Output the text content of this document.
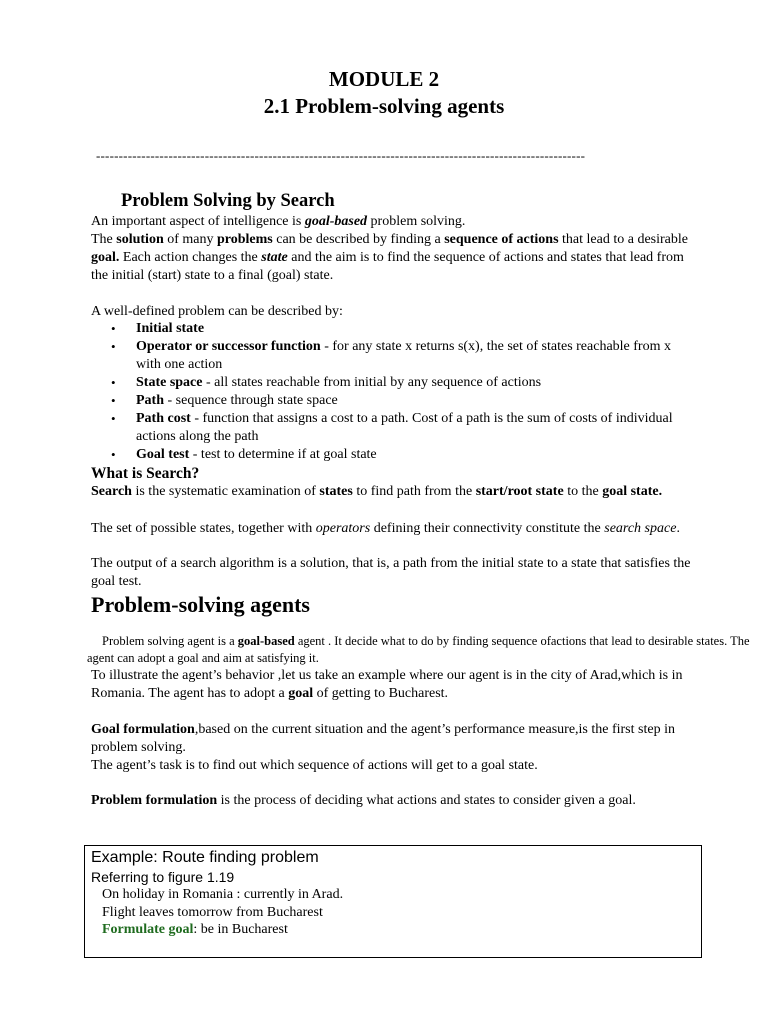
MODULE 2
2.1 Problem-solving agents
------------------------------------------------------------------------------------------------------------
Problem Solving by Search

An important aspect of intelligence is goal-based problem solving.

The solution of many problems can be described by finding a sequence of actions that lead to a desirable goal. Each action changes the state and the aim is to find the sequence of actions and states that lead from the initial (start) state to a final (goal) state.

A well-defined problem can be described by:

• Initial state
• Operator or successor function - for any state x returns s(x), the set of states reachable from x with one action
• State space - all states reachable from initial by any sequence of actions
• Path - sequence through state space
• Path cost - function that assigns a cost to a path. Cost of a path is the sum of costs of individual actions along the path
• Goal test - test to determine if at goal state
What is Search?

Search is the systematic examination of states to find path from the start/root state to the goal state.

The set of possible states, together with operators defining their connectivity constitute the search space.

The output of a search algorithm is a solution, that is, a path from the initial state to a state that satisfies the goal test.

Problem-solving agents

Problem solving agent is a goal-based agent . It decide what to do by finding sequence ofactions that lead to desirable states. The agent can adopt a goal and aim at satisfying it.

To illustrate the agent’s behavior ,let us take an example where our agent is in the city of Arad,which is in Romania. The agent has to adopt a goal of getting to Bucharest.

Goal formulation,based on the current situation and the agent’s performance measure,is the first step in problem solving.

The agent’s task is to find out which sequence of actions will get to a goal state.

Problem formulation is the process of deciding what actions and states to consider given a goal.

Example: Route finding problem
Referring to figure 1.19
On holiday in Romania : currently in Arad.
Flight leaves tomorrow from Bucharest
Formulate goal: be in Bucharest
